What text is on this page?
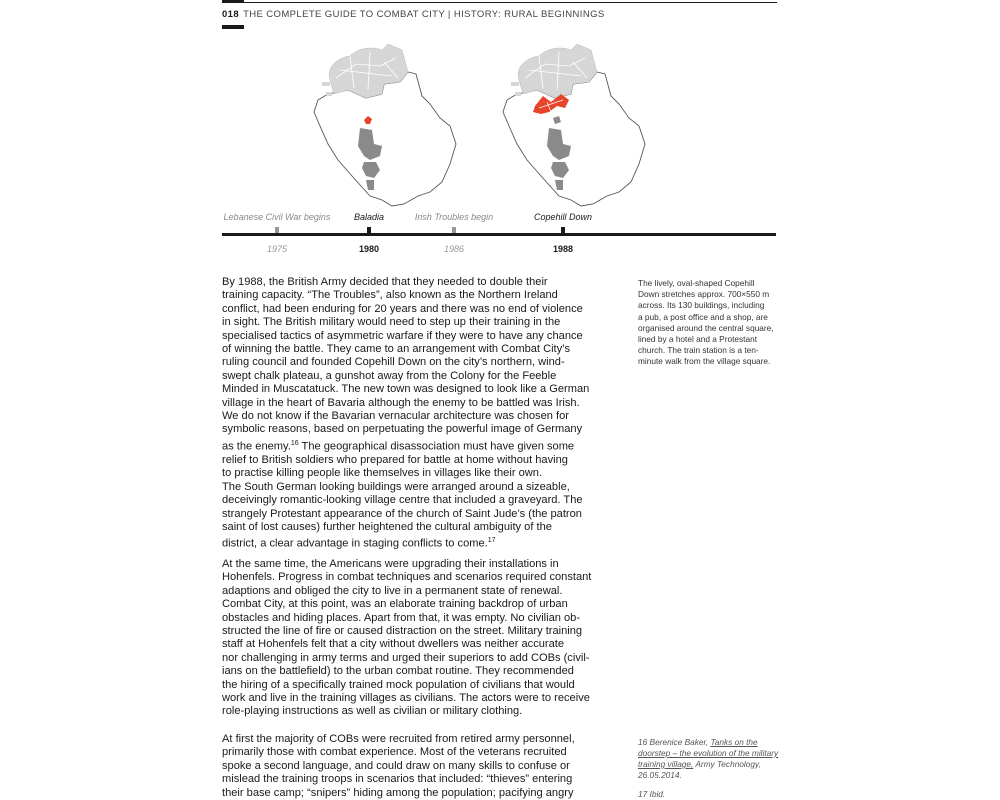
018 THE COMPLETE GUIDE TO COMBAT CITY | HISTORY: RURAL BEGINNINGS
Lebanese Civil War begins	Baladia	Irish Troubles begin	Copehill Down
1975	1980	1986	1988

By 1988, the British Army decided that they needed to double their

training capacity. “The Troubles”, also known as the Northern Ireland

conflict, had been enduring for 20 years and there was no end of violence

in sight. The British military would need to step up their training in the

specialised tactics of asymmetric warfare if they were to have any chance

of winning the battle. They came to an arrangement with Combat City’s

ruling council and founded Copehill Down on the city’s northern, wind-

swept chalk plateau, a gunshot away from the Colony for the Feeble

Minded in Muscatatuck. The new town was designed to look like a German

village in the heart of Bavaria although the enemy to be battled was Irish.

We do not know if the Bavarian vernacular architecture was chosen for

symbolic reasons, based on perpetuating the powerful image of Germany

as the enemy.$^{16}$ The geographical disassociation must have given some

relief to British soldiers who prepared for battle at home without having

to practise killing people like themselves in villages like their own.

The South German looking buildings were arranged around a sizeable,

deceivingly romantic-looking village centre that included a graveyard. The

strangely Protestant appearance of the church of Saint Jude’s (the patron

saint of lost causes) further heightened the cultural ambiguity of the

district, a clear advantage in staging conflicts to come.$^{17}$

At the same time, the Americans were upgrading their installations in

Hohenfels. Progress in combat techniques and scenarios required constant

adaptions and obliged the city to live in a permanent state of renewal.

Combat City, at this point, was an elaborate training backdrop of urban

obstacles and hiding places. Apart from that, it was empty. No civilian ob-

structed the line of fire or caused distraction on the street. Military training

staff at Hohenfels felt that a city without dwellers was neither accurate

nor challenging in army terms and urged their superiors to add COBs (civil-

ians on the battlefield) to the urban combat routine. They recommended

the hiring of a specifically trained mock population of civilians that would

work and live in the training villages as civilians. The actors were to receive

role-playing instructions as well as civilian or military clothing.

At first the majority of COBs were recruited from retired army personnel,

primarily those with combat experience. Most of the veterans recruited

spoke a second language, and could draw on many skills to confuse or

mislead the training troops in scenarios that included: “thieves” entering

their base camp; “snipers” hiding among the population; pacifying angry

The lively, oval-shaped Copehill
Down stretches approx. 700×550 m
across. Its 130 buildings, including
a pub, a post office and a shop, are
organised around the central square,
lined by a hotel and a Protestant
church. The train station is a ten-
minute walk from the village square.
16 Berenice Baker, Tanks on the
doorstep – the evolution of the military
training village, Army Technology,
26.05.2014.
17 Ibid.
